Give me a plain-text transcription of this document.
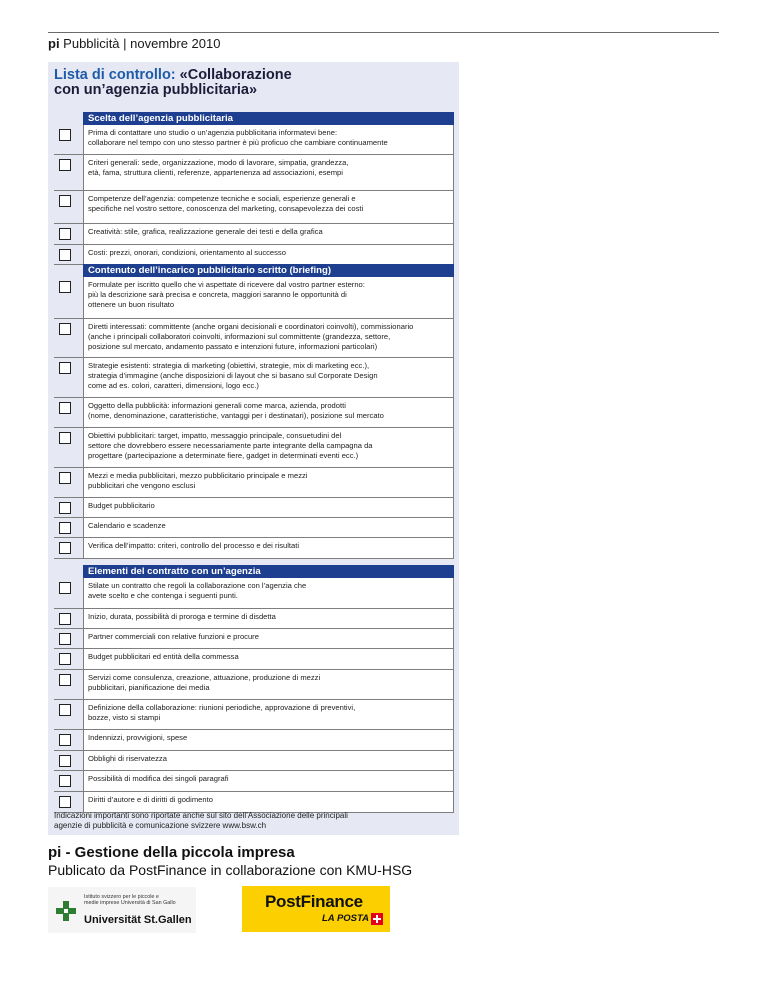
pi Pubblicità | novembre 2010
Lista di controllo: «Collaborazione
con un’agenzia pubblicitaria»
Scelta dell’agenzia pubblicitaria
Prima di contattare uno studio o un’agenzia pubblicitaria informatevi bene:
collaborare nel tempo con uno stesso partner è più proficuo che cambiare continuamente
Criteri generali: sede, organizzazione, modo di lavorare, simpatia, grandezza,
età, fama, struttura clienti, referenze, appartenenza ad associazioni, esempi
Competenze dell’agenzia: competenze tecniche e sociali, esperienze generali e
specifiche nel vostro settore, conoscenza del marketing, consapevolezza dei costi
Creatività: stile, grafica, realizzazione generale dei testi e della grafica
Costi: prezzi, onorari, condizioni, orientamento al successo
Contenuto dell’incarico pubblicitario scritto (briefing)
Formulate per iscritto quello che vi aspettate di ricevere dal vostro partner esterno:
più la descrizione sarà precisa e concreta, maggiori saranno le opportunità di
ottenere un buon risultato
Diretti interessati: committente (anche organi decisionali e coordinatori coinvolti), commissionario
(anche i principali collaboratori coinvolti, informazioni sul committente (grandezza, settore,
posizione sul mercato, andamento passato e intenzioni future, informazioni particolari)
Strategie esistenti: strategia di marketing (obiettivi, strategie, mix di marketing ecc.),
strategia d’immagine (anche disposizioni di layout che si basano sul Corporate Design
come ad es. colori, caratteri, dimensioni, logo ecc.)
Oggetto della pubblicità: informazioni generali come marca, azienda, prodotti
(nome, denominazione, caratteristiche, vantaggi per i destinatari), posizione sul mercato
Obiettivi pubblicitari: target, impatto, messaggio principale, consuetudini del
settore che dovrebbero essere necessariamente parte integrante della campagna da
progettare (partecipazione a determinate fiere, gadget in determinati eventi ecc.)
Mezzi e media pubblicitari, mezzo pubblicitario principale e mezzi
pubblicitari che vengono esclusi
Budget pubblicitario
Calendario e scadenze
Verifica dell’impatto: criteri, controllo del processo e dei risultati
Elementi del contratto con un’agenzia
Stilate un contratto che regoli la collaborazione con l’agenzia che
avete scelto e che contenga i seguenti punti.
Inizio, durata, possibilità di proroga e termine di disdetta
Partner commerciali con relative funzioni e procure
Budget pubblicitari ed entità della commessa
Servizi come consulenza, creazione, attuazione, produzione di mezzi
pubblicitari, pianificazione dei media
Definizione della collaborazione: riunioni periodiche, approvazione di preventivi,
bozze, visto si stampi
Indennizzi, provvigioni, spese
Obblighi di riservatezza
Possibilità di modifica dei singoli paragrafi
Diritti d’autore e di diritti di godimento
Indicazioni importanti sono riportate anche sul sito dell’Associazione delle principali
agenzie di pubblicità e comunicazione svizzere www.bsw.ch
pi - Gestione della piccola impresa
Publicato da PostFinance in collaborazione con KMU-HSG
Istituto svizzero per le piccole e
medie imprese Università di San Gallo
Universität St.Gallen
PostFinance
LA POSTA
